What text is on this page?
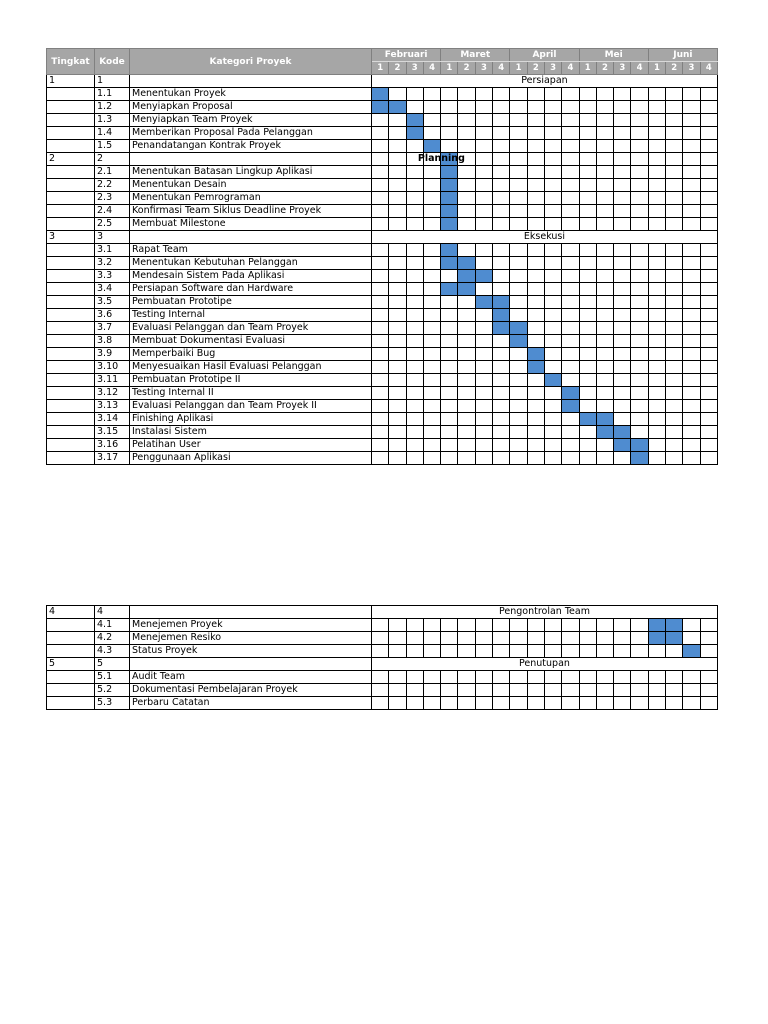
Tingkat	Kode	Kategori Proyek	Februari				Maret				April				Mei				Juni			
			1	2	3	4	1	2	3	4	1	2	3	4	1	2	3	4	1	2	3	4
1	1		Persiapan																			
	1.1	Menentukan Proyek																				
	1.2	Menyiapkan Proposal																				
	1.3	Menyiapkan Team Proyek																				
	1.4	Memberikan Proposal Pada Pelanggan																				
	1.5	Penandatangan Kontrak Proyek																				
2	2					Planning																

	2.1	Menentukan Batasan Lingkup Aplikasi																				
	2.2	Menentukan Desain																				
	2.3	Menentukan Pemrograman																				
	2.4	Konfirmasi Team Siklus Deadline Proyek																				
	2.5	Membuat Milestone																				
3	3		Eksekusi																			
	3.1	Rapat Team																				
	3.2	Menentukan Kebutuhan Pelanggan																				
	3.3	Mendesain Sistem Pada Aplikasi																				
	3.4	Persiapan Software dan Hardware																				
	3.5	Pembuatan Prototipe																				
	3.6	Testing Internal																				
	3.7	Evaluasi Pelanggan dan Team Proyek																				
	3.8	Membuat Dokumentasi Evaluasi																				
	3.9	Memperbaiki Bug																				
	3.10	Menyesuaikan Hasil Evaluasi Pelanggan																				
	3.11	Pembuatan Prototipe II																				
	3.12	Testing Internal II																				
	3.13	Evaluasi Pelanggan dan Team Proyek II																				
	3.14	Finishing Aplikasi																				
	3.15	Instalasi Sistem																				
	3.16	Pelatihan User																				
	3.17	Penggunaan Aplikasi																				
4	4		Pengontrolan Team																			
	4.1	Menejemen Proyek																				
	4.2	Menejemen Resiko																				
	4.3	Status Proyek																				
5	5		Penutupan																			
	5.1	Audit Team																				
	5.2	Dokumentasi Pembelajaran Proyek																				
	5.3	Perbaru Catatan																				
